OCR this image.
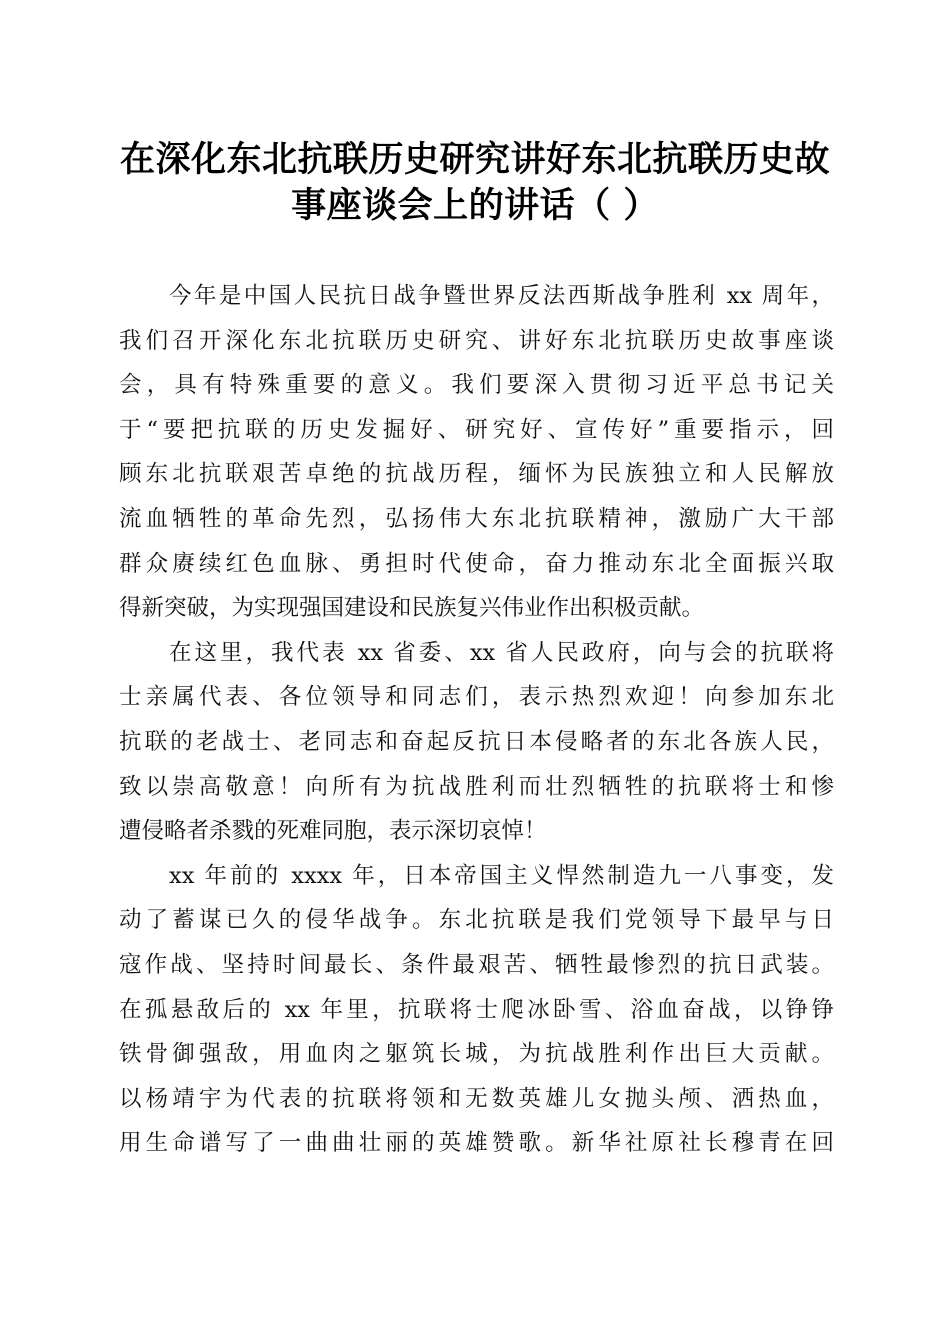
在深化东北抗联历史研究讲好东北抗联历史故
事座谈会上的讲话（ ）
今年是中国人民抗日战争暨世界反法西斯战争胜利 xx 周年，
我们召开深化东北抗联历史研究、讲好东北抗联历史故事座谈
会，具有特殊重要的意义。我们要深入贯彻习近平总书记关
于“要把抗联的历史发掘好、研究好、宣传好”重要指示，回
顾东北抗联艰苦卓绝的抗战历程，缅怀为民族独立和人民解放
流血牺牲的革命先烈，弘扬伟大东北抗联精神，激励广大干部
群众赓续红色血脉、勇担时代使命，奋力推动东北全面振兴取
得新突破，为实现强国建设和民族复兴伟业作出积极贡献。
在这里，我代表 xx 省委、xx 省人民政府，向与会的抗联将
士亲属代表、各位领导和同志们，表示热烈欢迎！向参加东北
抗联的老战士、老同志和奋起反抗日本侵略者的东北各族人民，
致以崇高敬意！向所有为抗战胜利而壮烈牺牲的抗联将士和惨
遭侵略者杀戮的死难同胞，表示深切哀悼！
xx 年前的 xxxx 年，日本帝国主义悍然制造九一八事变，发
动了蓄谋已久的侵华战争。东北抗联是我们党领导下最早与日
寇作战、坚持时间最长、条件最艰苦、牺牲最惨烈的抗日武装。
在孤悬敌后的 xx 年里，抗联将士爬冰卧雪、浴血奋战，以铮铮
铁骨御强敌，用血肉之躯筑长城，为抗战胜利作出巨大贡献。
以杨靖宇为代表的抗联将领和无数英雄儿女抛头颅、洒热血，
用生命谱写了一曲曲壮丽的英雄赞歌。新华社原社长穆青在回
